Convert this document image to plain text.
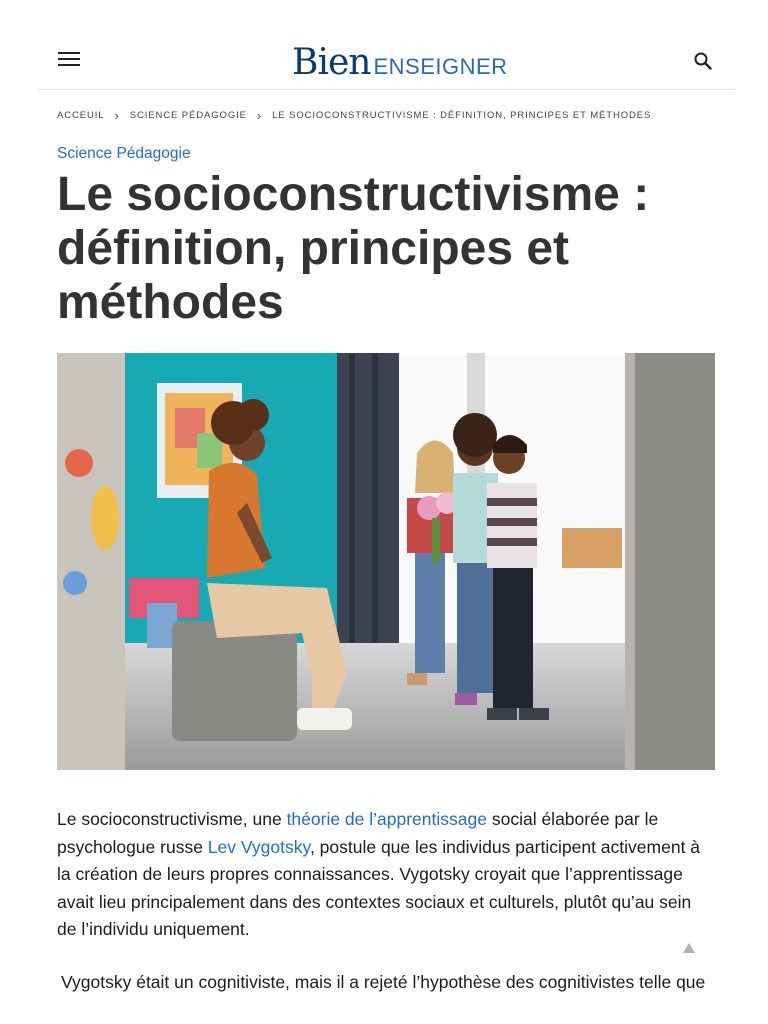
Bien ENSEIGNER
ACCEUIL › SCIENCE PÉDAGOGIE › LE SOCIOCONSTRUCTIVISME : DÉFINITION, PRINCIPES ET MÉTHODES
Science Pédagogie
Le socioconstructivisme : définition, principes et méthodes

Le socioconstructivisme, une théorie de l’apprentissage social élaborée par le psychologue russe Lev Vygotsky, postule que les individus participent activement à la création de leurs propres connaissances. Vygotsky croyait que l’apprentissage avait lieu principalement dans des contextes sociaux et culturels, plutôt qu’au sein de l’individu uniquement.

Vygotsky était un cognitiviste, mais il a rejeté l’hypothèse des cognitivistes telle que
